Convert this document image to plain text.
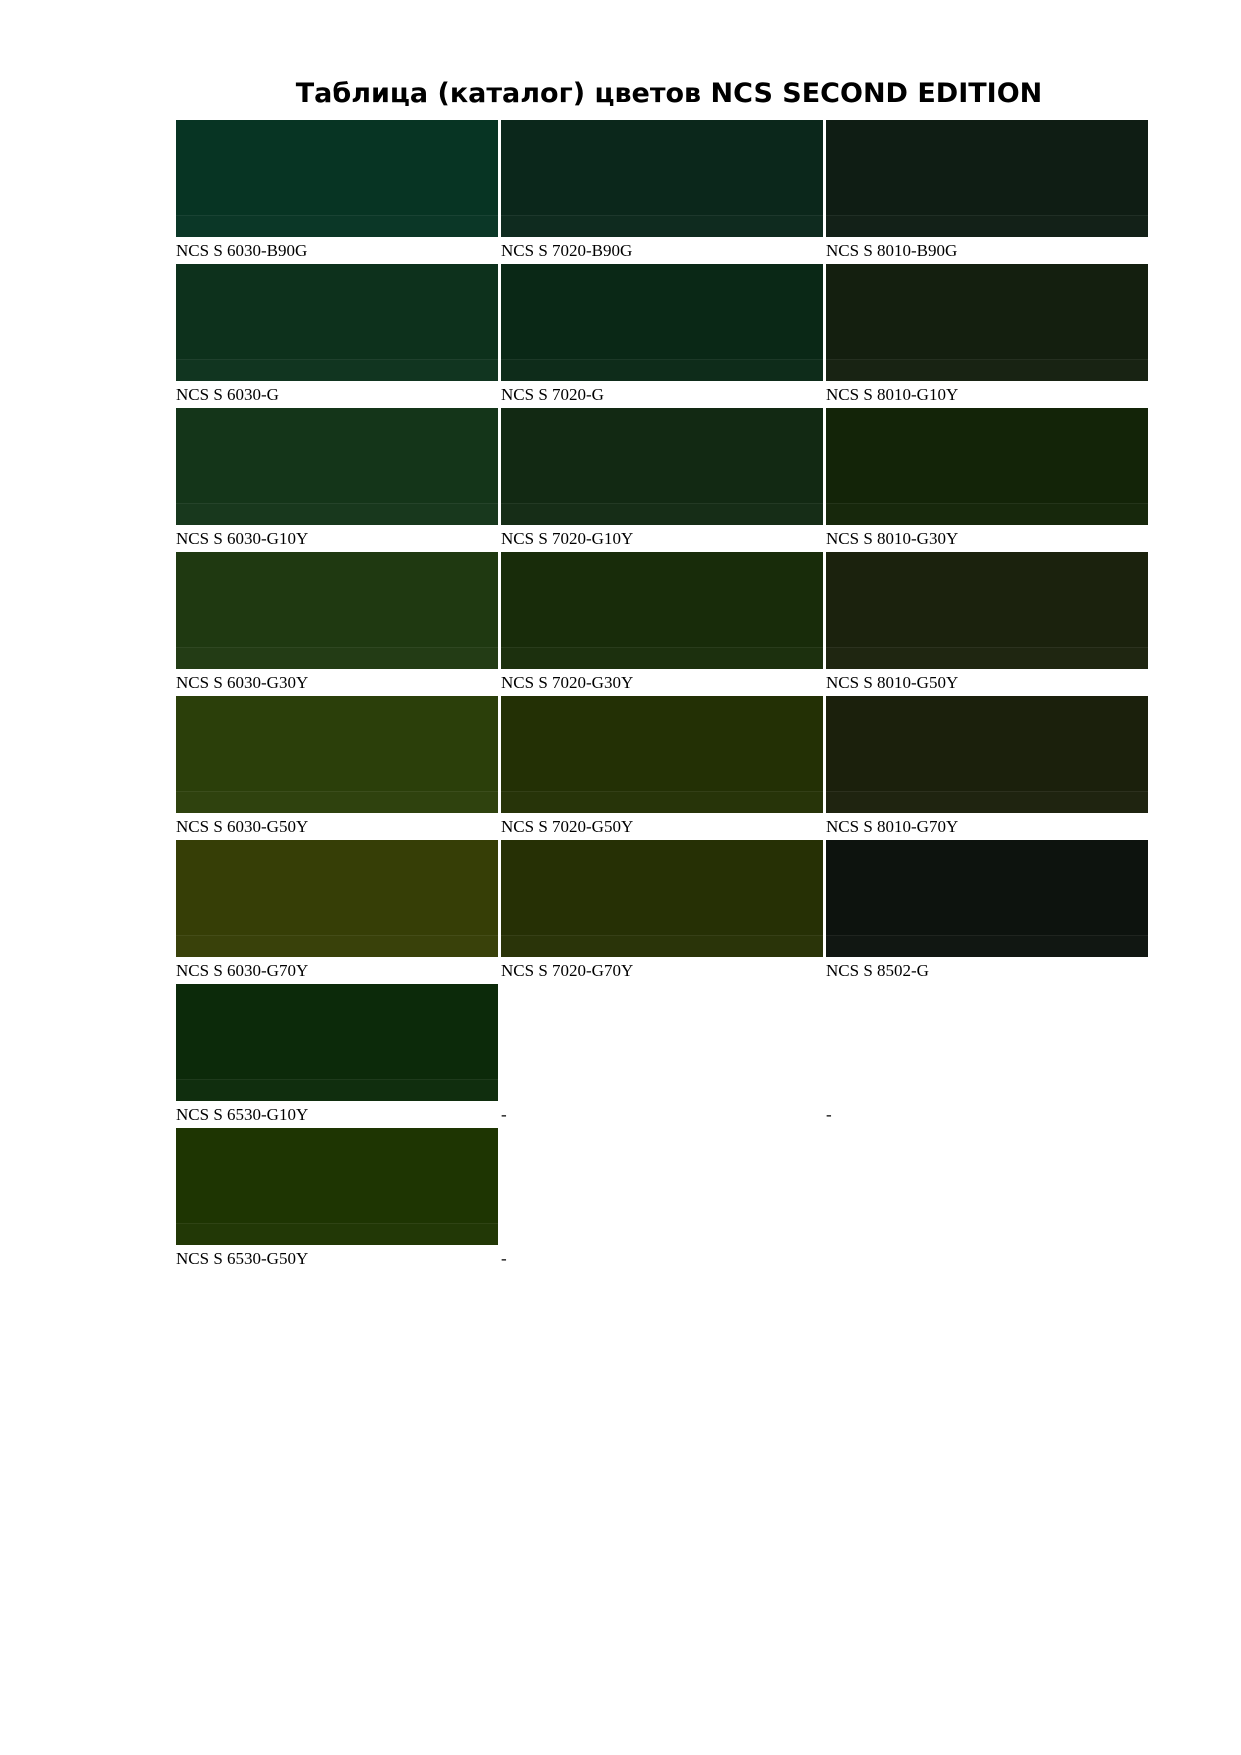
Таблица (каталог) цветов NCS SECOND EDITION
NCS S 6030-B90G	NCS S 7020-B90G	NCS S 8010-B90G
NCS S 6030-G	NCS S 7020-G	NCS S 8010-G10Y
NCS S 6030-G10Y	NCS S 7020-G10Y	NCS S 8010-G30Y
NCS S 6030-G30Y	NCS S 7020-G30Y	NCS S 8010-G50Y
NCS S 6030-G50Y	NCS S 7020-G50Y	NCS S 8010-G70Y
NCS S 6030-G70Y	NCS S 7020-G70Y	NCS S 8502-G
NCS S 6530-G10Y	-	-
NCS S 6530-G50Y	-
